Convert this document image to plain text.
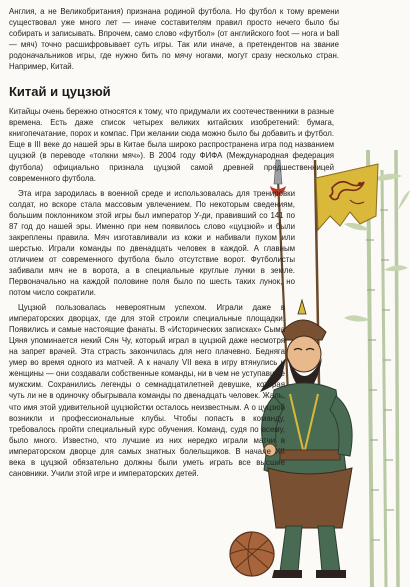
Англия, а не Великобритания) признана родиной футбола. Но футбол к тому времени существовал уже много лет — иначе составителям правил просто нечего было бы собирать и записывать. Впрочем, само слово «футбол» (от английского foot — нога и ball — мяч) точно расшифровывает суть игры. Так или иначе, а претендентов на звание родоначальников игры, где нужно бить по мячу ногами, могут сразу несколько стран. Например, Китай.

Китай и цуцзюй

Китайцы очень бережно относятся к тому, что придумали их соотечественники в разные времена. Есть даже список четырех великих китайских изобретений: бумага, книгопечатание, порох и компас. При желании сюда можно было бы добавить и футбол. Еще в III веке до нашей эры в Китае была широко распространена игра под названием цуцзюй (в переводе «толкни мяч»). В 2004 году ФИФА (Международная федерация футбола) официально признала цуцзюй самой древней предшественницей современного футбола.

Эта игра зародилась в военной среде и использовалась для тренировки солдат, но вскоре стала массовым увлечением. По некоторым сведениям, большим поклонником этой игры был император У-ди, правивший со 141 по 87 год до нашей эры. Именно при нем появилось слово «цуцзюй» и были закреплены правила. Мяч изготавливали из кожи и набивали пухом или шерстью. Играли команды по двенадцать человек в каждой. А главным отличием от современного футбола было отсутствие ворот. Футболисты забивали мяч не в ворота, а в специальные круглые лунки в земле. Первоначально на каждой половине поля было по шесть таких лунок, но потом число сократили.

Цуцзюй пользовалась невероятным успехом. Играли даже в императорских дворцах, где для этой строили специальные площадки. Появились и самые настоящие фанаты. В «Исторических записках» Сыма Цяня упоминается некий Сян Чу, который играл в цуцзюй даже несмотря на запрет врачей. Эта страсть закончилась для него плачевно. Бедняга умер во время одного из матчей. А к началу VII века в игру втянулись и женщины — они создавали собственные команды, ни в чем не уступавшие мужским. Сохранились легенды о семнадцатилетней девушке, которая чуть ли не в одиночку обыгрывала команды по двенадцать человек. Жаль, что имя этой удивительной цуцзюйстки осталось неизвестным. А о цуцзюй возникли и профессиональные клубы. Чтобы попасть в команду, требовалось пройти специальный курс обучения. Команд, судя по всему, было много. Известно, что лучшие из них нередко играли матчи в императорском дворце для самых знатных болельщиков. В начале XII века в цуцзюй обязательно должны были уметь играть все высшие сановники. Учили этой игре и императорских детей.
